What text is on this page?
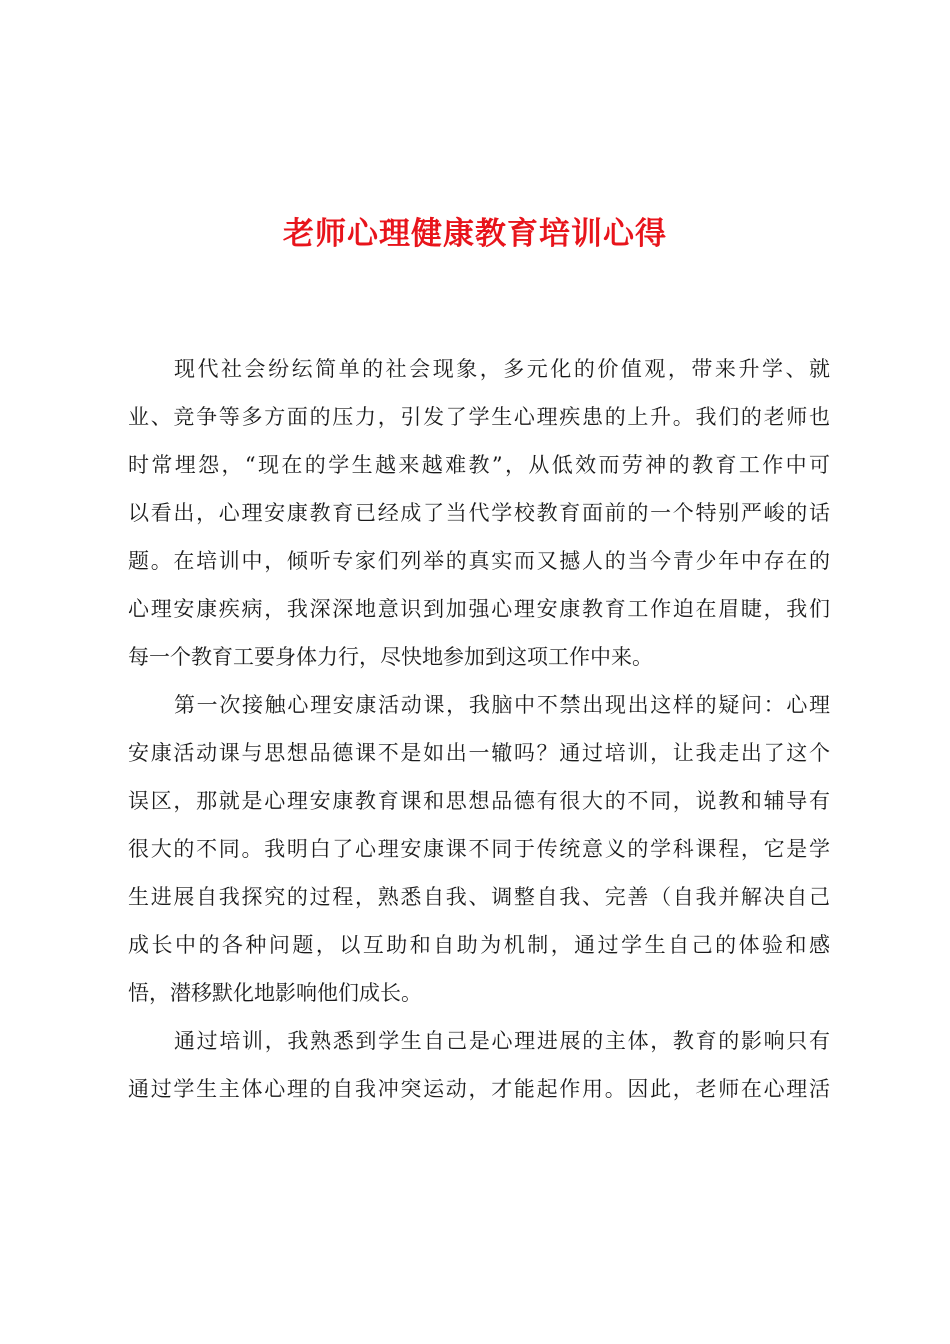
老师心理健康教育培训心得
现代社会纷纭简单的社会现象，多元化的价值观，带来升学、就
业、竞争等多方面的压力，引发了学生心理疾患的上升。我们的老师也
时常埋怨，“现在的学生越来越难教”，从低效而劳神的教育工作中可
以看出，心理安康教育已经成了当代学校教育面前的一个特别严峻的话
题。在培训中，倾听专家们列举的真实而又撼人的当今青少年中存在的
心理安康疾病，我深深地意识到加强心理安康教育工作迫在眉睫，我们
每一个教育工要身体力行，尽快地参加到这项工作中来。
第一次接触心理安康活动课，我脑中不禁出现出这样的疑问：心理
安康活动课与思想品德课不是如出一辙吗？通过培训，让我走出了这个
误区，那就是心理安康教育课和思想品德有很大的不同，说教和辅导有
很大的不同。我明白了心理安康课不同于传统意义的学科课程，它是学
生进展自我探究的过程，熟悉自我、调整自我、完善（自我并解决自己
成长中的各种问题，以互助和自助为机制，通过学生自己的体验和感
悟，潜移默化地影响他们成长。
通过培训，我熟悉到学生自己是心理进展的主体，教育的影响只有
通过学生主体心理的自我冲突运动，才能起作用。因此，老师在心理活
